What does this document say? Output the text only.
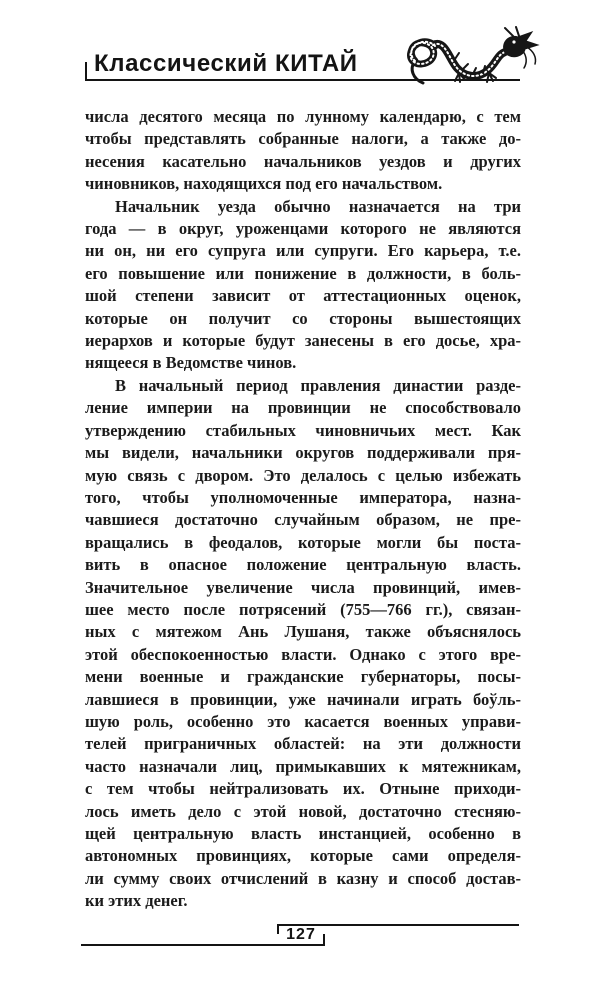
Классический КИТАЙ
числа десятого месяца по лунному календарю, с тем
чтобы представлять собранные налоги, а также до-
несения касательно начальников уездов и других
чиновников, находящихся под его начальством.
Начальник уезда обычно назначается на три
года — в округ, уроженцами которого не являются
ни он, ни его супруга или супруги. Его карьера, т.е.
его повышение или понижение в должности, в боль-
шой степени зависит от аттестационных оценок,
которые он получит со стороны вышестоящих
иерархов и которые будут занесены в его досье, хра-
нящееся в Ведомстве чинов.
В начальный период правления династии разде-
ление империи на провинции не способствовало
утверждению стабильных чиновничьих мест. Как
мы видели, начальники округов поддерживали пря-
мую связь с двором. Это делалось с целью избежать
того, чтобы уполномоченные императора, назна-
чавшиеся достаточно случайным образом, не пре-
вращались в феодалов, которые могли бы поста-
вить в опасное положение центральную власть.
Значительное увеличение числа провинций, имев-
шее место после потрясений (755—766 гг.), связан-
ных с мятежом Ань Лушаня, также объяснялось
этой обеспокоенностью власти. Однако с этого вре-
мени военные и гражданские губернаторы, посы-
лавшиеся в провинции, уже начинали играть боўль-
шую роль, особенно это касается военных управи-
телей приграничных областей: на эти должности
часто назначали лиц, примыкавших к мятежникам,
с тем чтобы нейтрализовать их. Отныне приходи-
лось иметь дело с этой новой, достаточно стесняю-
щей центральную власть инстанцией, особенно в
автономных провинциях, которые сами определя-
ли сумму своих отчислений в казну и способ достав-
ки этих денег.
127
